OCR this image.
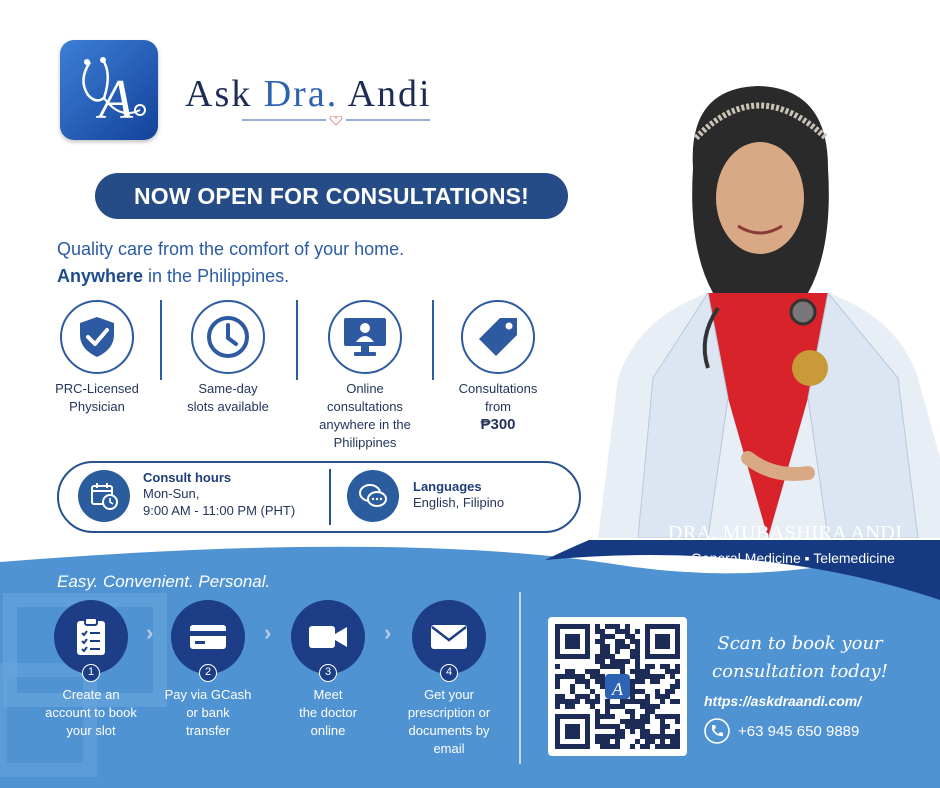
A Ask Dra. Andi
NOW OPEN FOR CONSULTATIONS!
Quality care from the comfort of your home.
Anywhere in the Philippines.
PRC-Licensed
Physician
Same-day
slots available
Online
consultations
anywhere in the
Philippines
Consultations
from
₱300
Consult hours
Mon-Sun,
9:00 AM - 11:00 PM (PHT)
Languages
English, Filipino
DRA. MUBASHIRA ANDI
General Medicine ▪ Telemedicine
Easy. Convenient. Personal.
1
Create an
account to book
your slot
›
2
Pay via GCash
or bank
transfer
›
3
Meet
the doctor
online
›
4
Get your
prescription or
documents by
email
A
Scan to book your
consultation today!
https://askdraandi.com/
+63 945 650 9889
